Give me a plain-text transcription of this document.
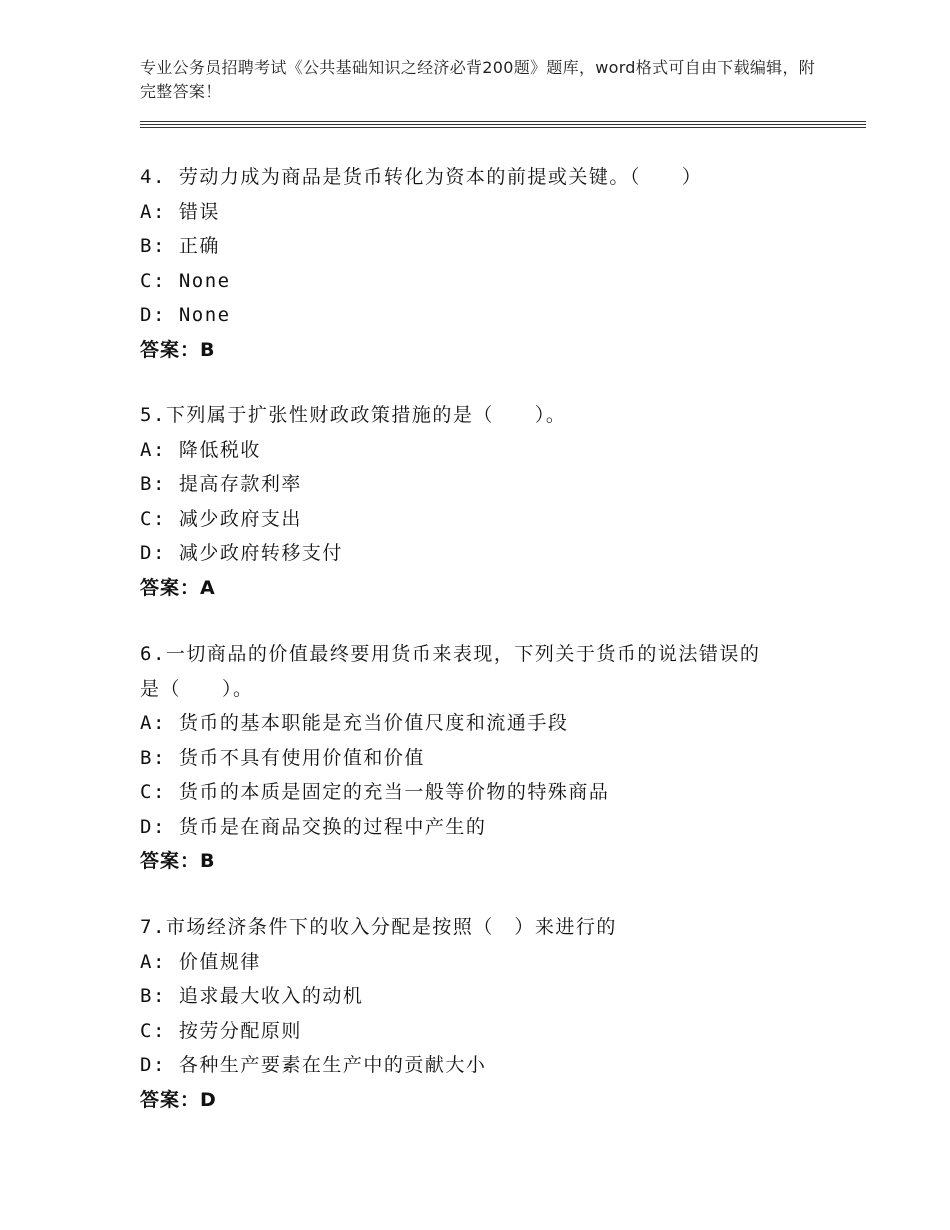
专业公务员招聘考试《公共基础知识之经济必背200题》题库，word格式可自由下载编辑，附完整答案！
4. 劳动力成为商品是货币转化为资本的前提或关键。（　　）
A: 错误
B: 正确
C: None
D: None
答案：B
5.下列属于扩张性财政政策措施的是（　　）。
A: 降低税收
B: 提高存款利率
C: 减少政府支出
D: 减少政府转移支付
答案：A
6.一切商品的价值最终要用货币来表现，下列关于货币的说法错误的
是（　　）。
A: 货币的基本职能是充当价值尺度和流通手段
B: 货币不具有使用价值和价值
C: 货币的本质是固定的充当一般等价物的特殊商品
D: 货币是在商品交换的过程中产生的
答案：B
7.市场经济条件下的收入分配是按照（　）来进行的
A: 价值规律
B: 追求最大收入的动机
C: 按劳分配原则
D: 各种生产要素在生产中的贡献大小
答案：D
